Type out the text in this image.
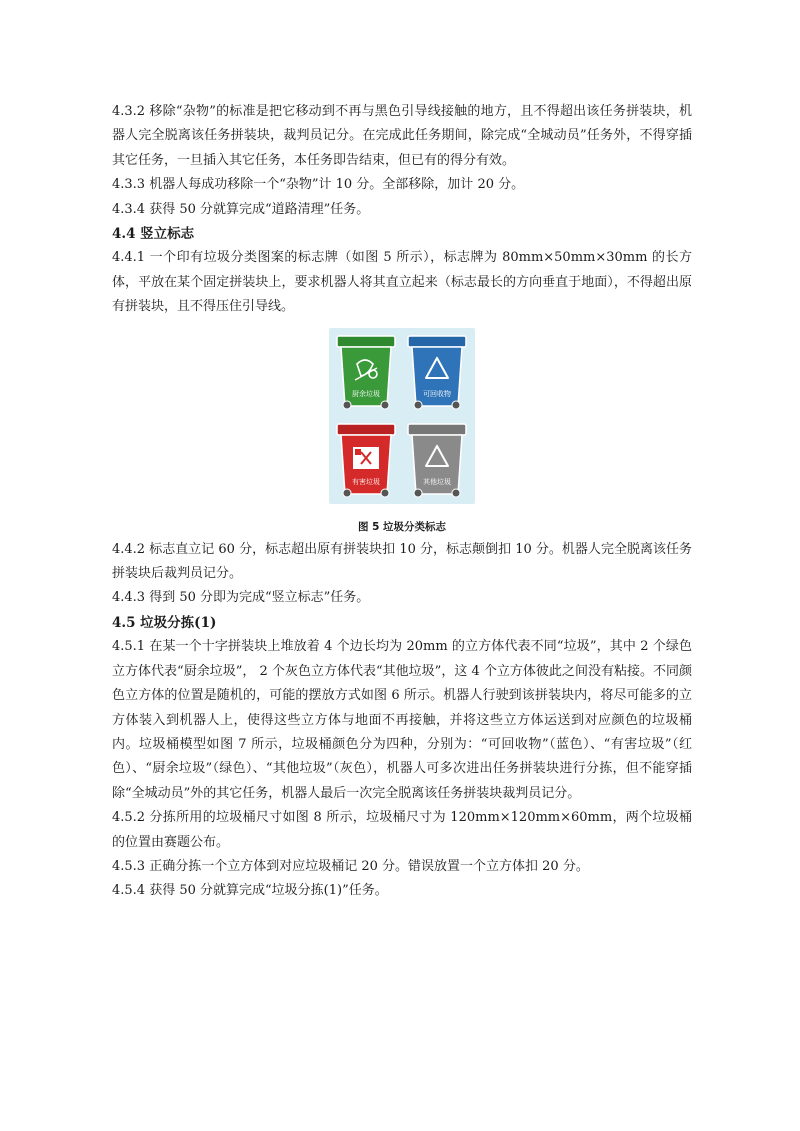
4.3.2 移除“杂物”的标准是把它移动到不再与黑色引导线接触的地方，且不得超出该任务拼装块，机器人完全脱离该任务拼装块，裁判员记分。在完成此任务期间，除完成“全城动员”任务外，不得穿插其它任务，一旦插入其它任务，本任务即告结束，但已有的得分有效。

4.3.3 机器人每成功移除一个“杂物”计 10 分。全部移除，加计 20 分。

4.3.4 获得 50 分就算完成“道路清理”任务。

4.4 竖立标志

4.4.1 一个印有垃圾分类图案的标志牌（如图 5 所示），标志牌为 80mm×50mm×30mm 的长方体，平放在某个固定拼装块上，要求机器人将其直立起来（标志最长的方向垂直于地面），不得超出原有拼装块，且不得压住引导线。

厨余垃圾	可回收物
有害垃圾	其他垃圾
图 5 垃圾分类标志

4.4.2 标志直立记 60 分，标志超出原有拼装块扣 10 分，标志颠倒扣 10 分。机器人完全脱离该任务拼装块后裁判员记分。

4.4.3 得到 50 分即为完成“竖立标志”任务。

4.5 垃圾分拣(1)

4.5.1 在某一个十字拼装块上堆放着 4 个边长均为 20mm 的立方体代表不同“垃圾”，其中 2 个绿色立方体代表“厨余垃圾”， 2 个灰色立方体代表“其他垃圾”，这 4 个立方体彼此之间没有粘接。不同颜色立方体的位置是随机的，可能的摆放方式如图 6 所示。机器人行驶到该拼装块内，将尽可能多的立方体装入到机器人上，使得这些立方体与地面不再接触，并将这些立方体运送到对应颜色的垃圾桶内。垃圾桶模型如图 7 所示，垃圾桶颜色分为四种，分别为：“可回收物”（蓝色）、“有害垃圾”（红色）、“厨余垃圾”（绿色）、“其他垃圾”（灰色），机器人可多次进出任务拼装块进行分拣，但不能穿插除“全城动员”外的其它任务，机器人最后一次完全脱离该任务拼装块裁判员记分。

4.5.2 分拣所用的垃圾桶尺寸如图 8 所示，垃圾桶尺寸为 120mm×120mm×60mm，两个垃圾桶的位置由赛题公布。

4.5.3 正确分拣一个立方体到对应垃圾桶记 20 分。错误放置一个立方体扣 20 分。

4.5.4 获得 50 分就算完成“垃圾分拣(1)”任务。
